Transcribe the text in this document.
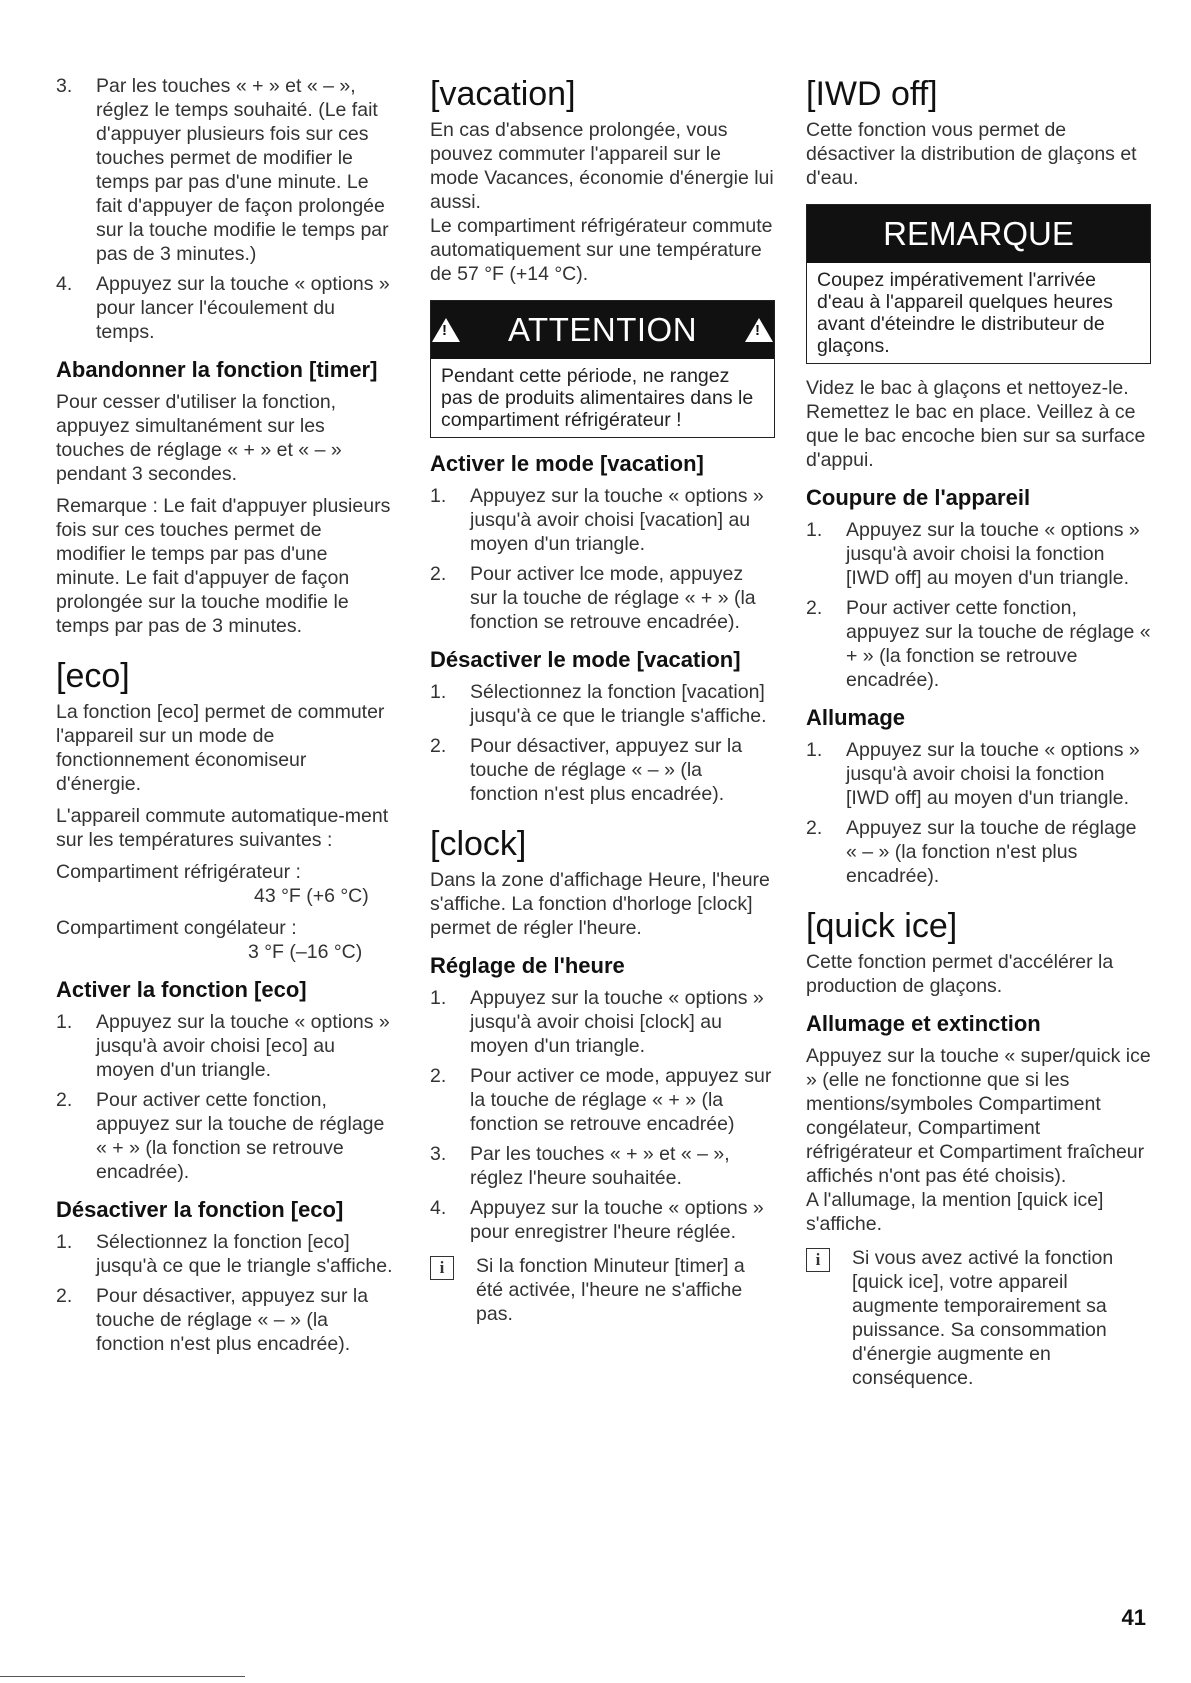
3. Par les touches « + » et « – », réglez le temps souhaité. (Le fait d'appuyer plusieurs fois sur ces touches permet de modifier le temps par pas d'une minute. Le fait d'appuyer de façon prolongée sur la touche modifie le temps par pas de 3 minutes.)
4. Appuyez sur la touche « options » pour lancer l'écoulement du temps.
Abandonner la fonction [timer]

Pour cesser d'utiliser la fonction, appuyez simultanément sur les touches de réglage « + » et « – » pendant 3 secondes.

Remarque : Le fait d'appuyer plusieurs fois sur ces touches permet de modifier le temps par pas d'une minute. Le fait d'appuyer de façon prolongée sur la touche modifie le temps par pas de 3 minutes.

[eco]

La fonction [eco] permet de commuter l'appareil sur un mode de fonctionnement économiseur d'énergie.

L'appareil commute automatique-ment sur les températures suivantes :

Compartiment réfrigérateur :

43 °F (+6 °C)

Compartiment congélateur :

3 °F (–16 °C)

Activer la fonction [eco]
1. Appuyez sur la touche « options » jusqu'à avoir choisi [eco] au moyen d'un triangle.
2. Pour activer cette fonction, appuyez sur la touche de réglage « + » (la fonction se retrouve encadrée).
Désactiver la fonction [eco]
1. Sélectionnez la fonction [eco] jusqu'à ce que le triangle s'affiche.
2. Pour désactiver, appuyez sur la touche de réglage « – » (la fonction n'est plus encadrée).
[vacation]

En cas d'absence prolongée, vous pouvez commuter l'appareil sur le mode Vacances, économie d'énergie lui aussi.

Le compartiment réfrigérateur commute automatiquement sur une température de 57 °F (+14 °C).

!
ATTENTION
!
Pendant cette période, ne rangez pas de produits alimentaires dans le compartiment réfrigérateur !
Activer le mode [vacation]
1. Appuyez sur la touche « options » jusqu'à avoir choisi [vacation] au moyen d'un triangle.
2. Pour activer lce mode, appuyez sur la touche de réglage « + » (la fonction se retrouve encadrée).
Désactiver le mode [vacation]
1. Sélectionnez la fonction [vacation] jusqu'à ce que le triangle s'affiche.
2. Pour désactiver, appuyez sur la touche de réglage « – » (la fonction n'est plus encadrée).
[clock]

Dans la zone d'affichage Heure, l'heure s'affiche. La fonction d'horloge [clock] permet de régler l'heure.

Réglage de l'heure
1. Appuyez sur la touche « options » jusqu'à avoir choisi [clock] au moyen d'un triangle.
2. Pour activer ce mode, appuyez sur la touche de réglage « + » (la fonction se retrouve encadrée)
3. Par les touches « + » et « – », réglez l'heure souhaitée.
4. Appuyez sur la touche « options » pour enregistrer l'heure réglée.
i	Si la fonction Minuteur [timer] a été activée, l'heure ne s'affiche pas.
[IWD off]

Cette fonction vous permet de désactiver la distribution de glaçons et d'eau.

REMARQUE
Coupez impérativement l'arrivée d'eau à l'appareil quelques heures avant d'éteindre le distributeur de glaçons.

Videz le bac à glaçons et nettoyez-le. Remettez le bac en place. Veillez à ce que le bac encoche bien sur sa surface d'appui.

Coupure de l'appareil
1. Appuyez sur la touche « options » jusqu'à avoir choisi la fonction [IWD off] au moyen d'un triangle.
2. Pour activer cette fonction, appuyez sur la touche de réglage « + » (la fonction se retrouve encadrée).
Allumage
1. Appuyez sur la touche « options » jusqu'à avoir choisi la fonction [IWD off] au moyen d'un triangle.
2. Appuyez sur la touche de réglage « – » (la fonction n'est plus encadrée).
[quick ice]

Cette fonction permet d'accélérer la production de glaçons.

Allumage et extinction

Appuyez sur la touche « super/quick ice » (elle ne fonctionne que si les mentions/symboles Compartiment congélateur, Compartiment réfrigérateur et Compartiment fraîcheur affichés n'ont pas été choisis).

A l'allumage, la mention [quick ice] s'affiche.

i	Si vous avez activé la fonction [quick ice], votre appareil augmente temporairement sa puissance. Sa consommation d'énergie augmente en conséquence.
41
